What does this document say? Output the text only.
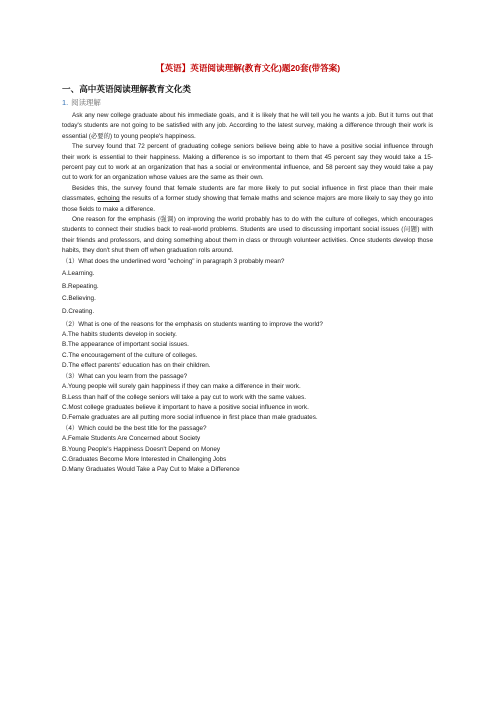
【英语】英语阅读理解(教育文化)题20套(带答案)
一、高中英语阅读理解教育文化类
1. 阅读理解

Ask any new college graduate about his immediate goals, and it is likely that he will tell you he wants a job. But it turns out that today's students are not going to be satisfied with any job. According to the latest survey, making a difference through their work is essential (必要的) to young people's happiness.

The survey found that 72 percent of graduating college seniors believe being able to have a positive social influence through their work is essential to their happiness. Making a difference is so important to them that 45 percent say they would take a 15-percent pay cut to work at an organization that has a social or environmental influence, and 58 percent say they would take a pay cut to work for an organization whose values are the same as their own.

Besides this, the survey found that female students are far more likely to put social influence in first place than their male classmates, echoing the results of a former study showing that female maths and science majors are more likely to say they go into those fields to make a difference.

One reason for the emphasis (强调) on improving the world probably has to do with the culture of colleges, which encourages students to connect their studies back to real-world problems. Students are used to discussing important social issues (问题) with their friends and professors, and doing something about them in class or through volunteer activities. Once students develop those habits, they don't shut them off when graduation rolls around.

（1）What does the underlined word "echoing" in paragraph 3 probably mean?

A.Learning.

B.Repeating.

C.Believing.

D.Creating.

（2）What is one of the reasons for the emphasis on students wanting to improve the world?

A.The habits students develop in society.

B.The appearance of important social issues.

C.The encouragement of the culture of colleges.

D.The effect parents' education has on their children.

（3）What can you learn from the passage?

A.Young people will surely gain happiness if they can make a difference in their work.

B.Less than half of the college seniors will take a pay cut to work with the same values.

C.Most college graduates believe it important to have a positive social influence in work.

D.Female graduates are all putting more social influence in first place than male graduates.

（4）Which could be the best title for the passage?

A.Female Students Are Concerned about Society

B.Young People's Happiness Doesn't Depend on Money

C.Graduates Become More Interested in Challenging Jobs

D.Many Graduates Would Take a Pay Cut to Make a Difference
